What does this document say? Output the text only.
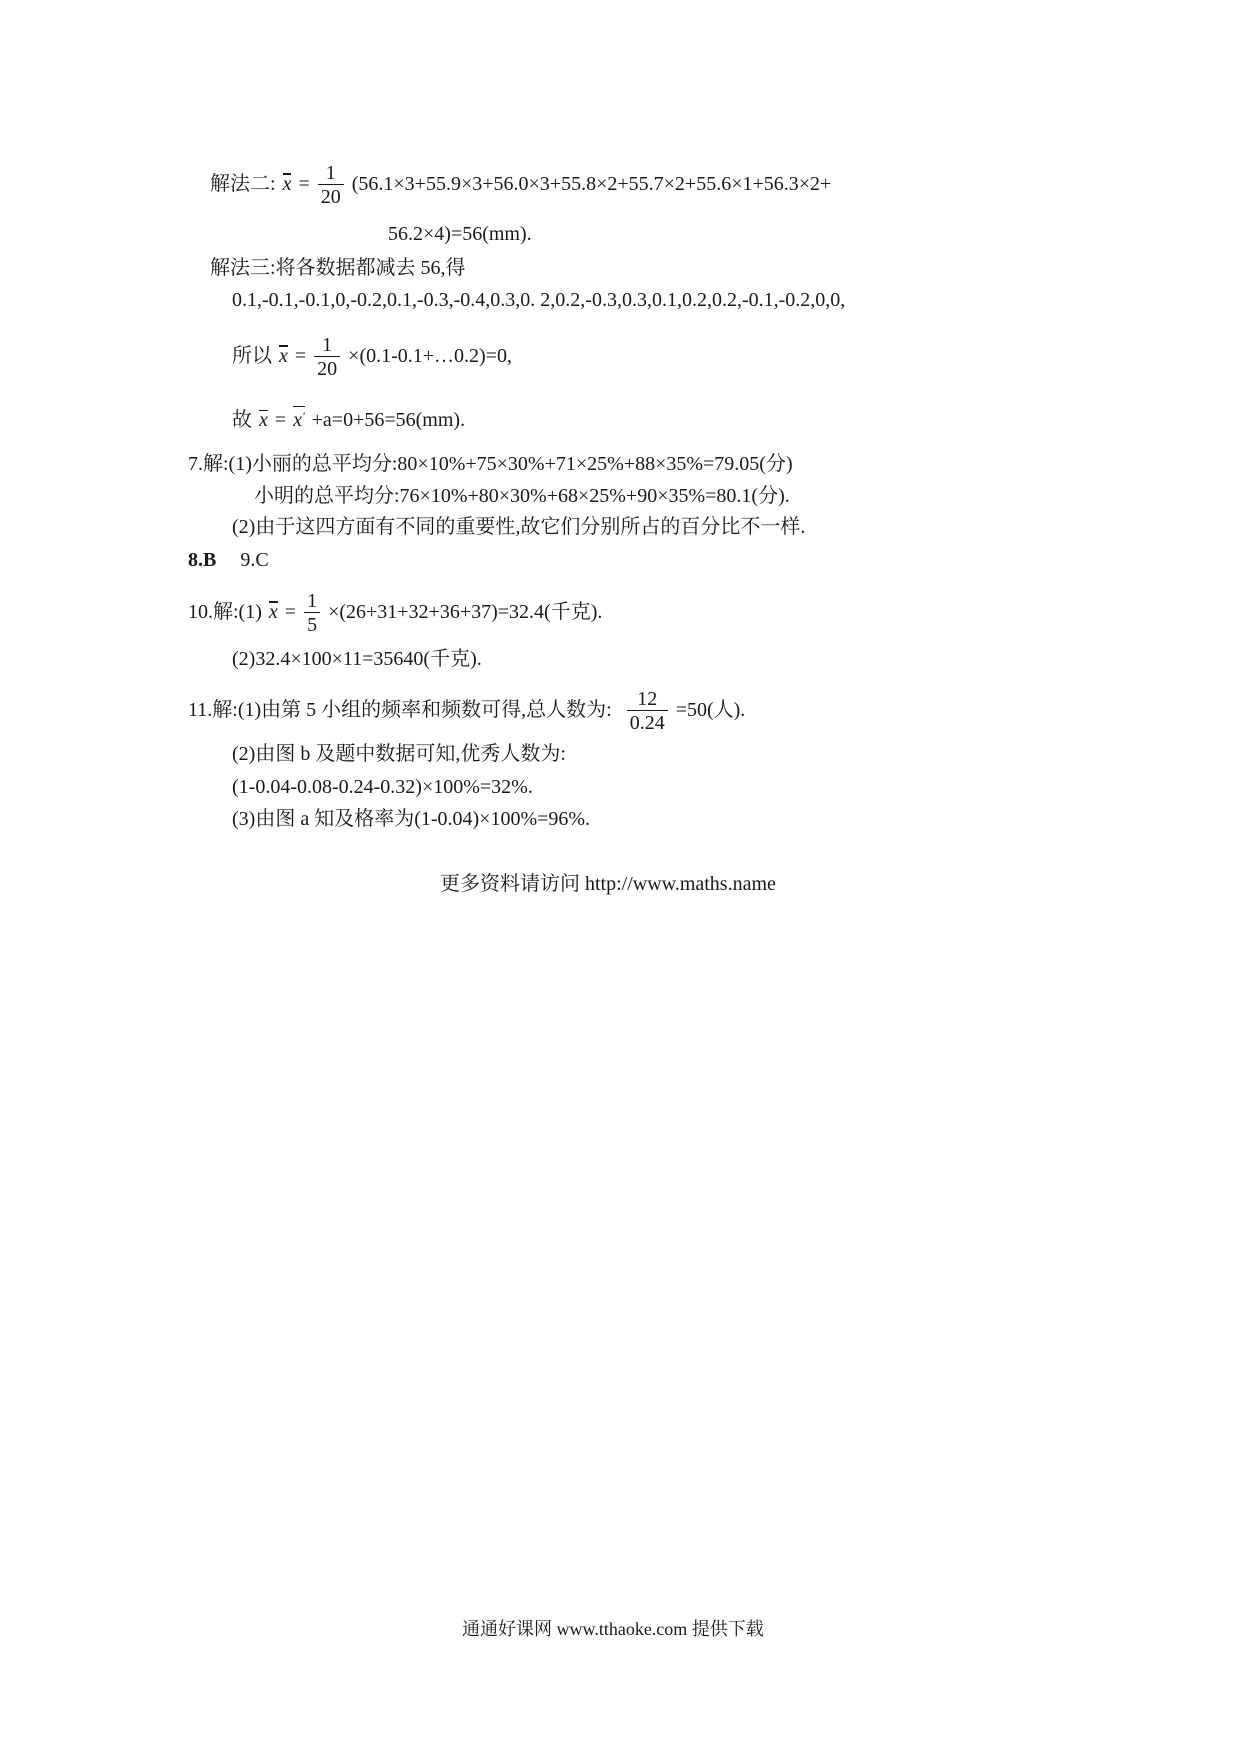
解法二: $x = \frac{1}{20} (56.1\times 3+55.9\times 3+56.0\times 3+55.8\times 2+55.7\times 2+55.6\times 1+56.3\times 2+$
56.2×4)=56(mm).
解法三:将各数据都减去 56,得
0.1,-0.1,-0.1,0,-0.2,0.1,-0.3,-0.4,0.3,0. 2,0.2,-0.3,0.3,0.1,0.2,0.2,-0.1,-0.2,0,0,
所以 $x = \frac{1}{20}$ ×(0.1-0.1+…0.2)=0,
故 x = x' +a=0+56=56(mm).
7.解:(1)小丽的总平均分:80×10%+75×30%+71×25%+88×35%=79.05(分)
小明的总平均分:76×10%+80×30%+68×25%+90×35%=80.1(分).
(2)由于这四方面有不同的重要性,故它们分别所占的百分比不一样.
8.B 9.C
10.解:(1) $x = \frac{1}{5} \times(26+31+32+36+37)=32.4$(千克).
(2)32.4×100×11=35640(千克).
11.解:(1)由第 5 小组的频率和频数可得,总人数为: $\frac{12}{0.24} =50$(人).
(2)由图 b 及题中数据可知,优秀人数为:
(1-0.04-0.08-0.24-0.32)×100%=32%.
(3)由图 a 知及格率为(1-0.04)×100%=96%.
更多资料请访问 http://www.maths.name
通通好课网 www.tthaoke.com 提供下载
